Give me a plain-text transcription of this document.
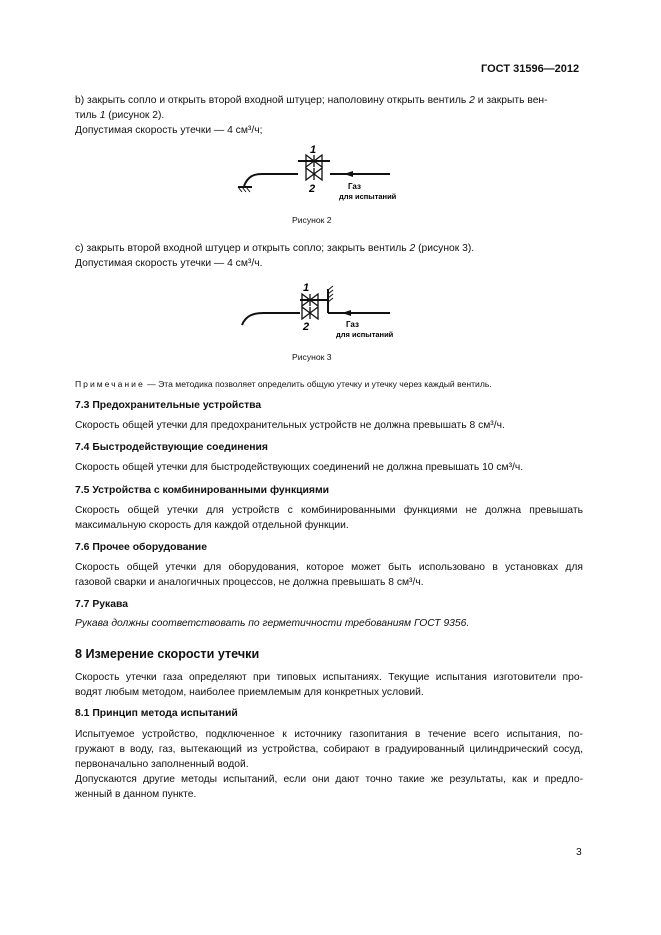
ГОСТ 31596—2012
b) закрыть сопло и открыть второй входной штуцер; наполовину открыть вентиль 2 и закрыть вен-
тиль 1 (рисунок 2).
Допустимая скорость утечки — 4 см³/ч;
1
2	Газ
для испытаний
Рисунок 2
c) закрыть второй входной штуцер и открыть сопло; закрыть вентиль 2 (рисунок 3).
Допустимая скорость утечки — 4 см³/ч.
1
2	Газ
для испытаний
Рисунок 3
Примечание — Эта методика позволяет определить общую утечку и утечку через каждый вентиль.
7.3 Предохранительные устройства
Скорость общей утечки для предохранительных устройств не должна превышать 8 см³/ч.
7.4 Быстродействующие соединения
Скорость общей утечки для быстродействующих соединений не должна превышать 10 см³/ч.
7.5 Устройства с комбинированными функциями
Скорость общей утечки для устройств с комбинированными функциями не должна превышать
максимальную скорость для каждой отдельной функции.
7.6 Прочее оборудование
Скорость общей утечки для оборудования, которое может быть использовано в установках для
газовой сварки и аналогичных процессов, не должна превышать 8 см³/ч.
7.7 Рукава
Рукава должны соответствовать по герметичности требованиям ГОСТ 9356.
8 Измерение скорости утечки
Скорость утечки газа определяют при типовых испытаниях. Текущие испытания изготовители про-
водят любым методом, наиболее приемлемым для конкретных условий.
8.1 Принцип метода испытаний
Испытуемое устройство, подключенное к источнику газопитания в течение всего испытания, по-
гружают в воду, газ, вытекающий из устройства, собирают в градуированный цилиндрический сосуд,
первоначально заполненный водой.
Допускаются другие методы испытаний, если они дают точно такие же результаты, как и предло-
женный в данном пункте.
3
